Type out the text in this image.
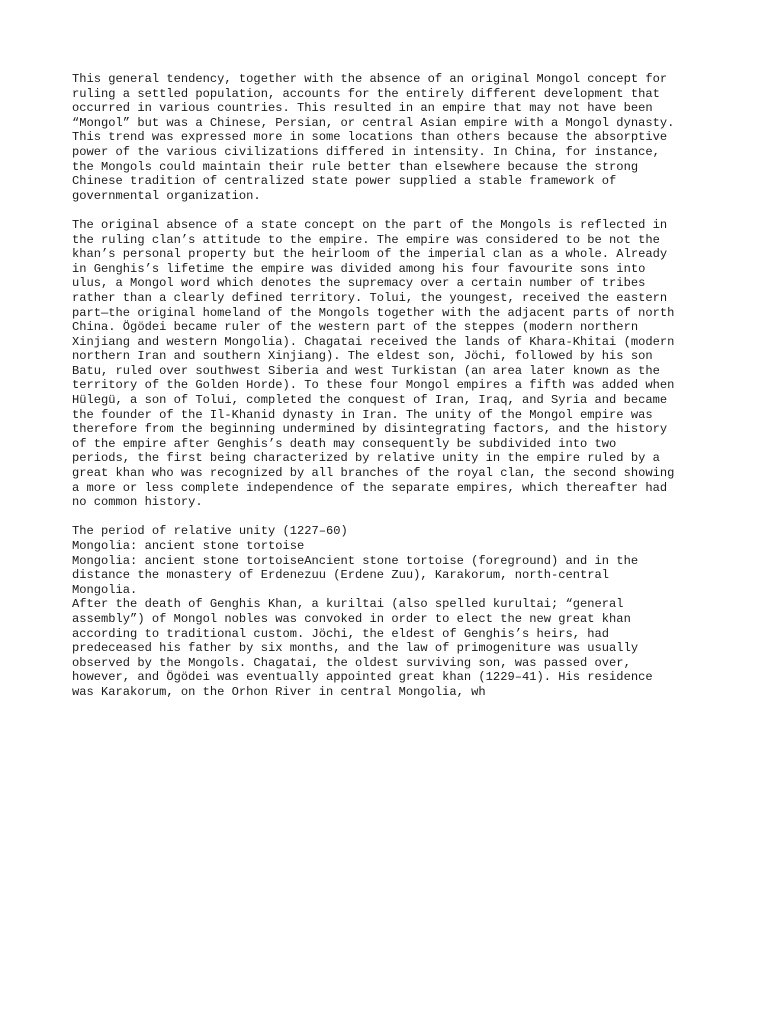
This general tendency, together with the absence of an original Mongol concept for
ruling a settled population, accounts for the entirely different development that
occurred in various countries. This resulted in an empire that may not have been
“Mongol” but was a Chinese, Persian, or central Asian empire with a Mongol dynasty.
This trend was expressed more in some locations than others because the absorptive
power of the various civilizations differed in intensity. In China, for instance,
the Mongols could maintain their rule better than elsewhere because the strong
Chinese tradition of centralized state power supplied a stable framework of
governmental organization.
The original absence of a state concept on the part of the Mongols is reflected in
the ruling clan’s attitude to the empire. The empire was considered to be not the
khan’s personal property but the heirloom of the imperial clan as a whole. Already
in Genghis’s lifetime the empire was divided among his four favourite sons into
ulus, a Mongol word which denotes the supremacy over a certain number of tribes
rather than a clearly defined territory. Tolui, the youngest, received the eastern
part—the original homeland of the Mongols together with the adjacent parts of north
China. Ögödei became ruler of the western part of the steppes (modern northern
Xinjiang and western Mongolia). Chagatai received the lands of Khara-Khitai (modern
northern Iran and southern Xinjiang). The eldest son, Jöchi, followed by his son
Batu, ruled over southwest Siberia and west Turkistan (an area later known as the
territory of the Golden Horde). To these four Mongol empires a fifth was added when
Hülegü, a son of Tolui, completed the conquest of Iran, Iraq, and Syria and became
the founder of the Il-Khanid dynasty in Iran. The unity of the Mongol empire was
therefore from the beginning undermined by disintegrating factors, and the history
of the empire after Genghis’s death may consequently be subdivided into two
periods, the first being characterized by relative unity in the empire ruled by a
great khan who was recognized by all branches of the royal clan, the second showing
a more or less complete independence of the separate empires, which thereafter had
no common history.
The period of relative unity (1227–60)
Mongolia: ancient stone tortoise
Mongolia: ancient stone tortoiseAncient stone tortoise (foreground) and in the
distance the monastery of Erdenezuu (Erdene Zuu), Karakorum, north-central
Mongolia.
After the death of Genghis Khan, a kuriltai (also spelled kurultai; “general
assembly”) of Mongol nobles was convoked in order to elect the new great khan
according to traditional custom. Jöchi, the eldest of Genghis’s heirs, had
predeceased his father by six months, and the law of primogeniture was usually
observed by the Mongols. Chagatai, the oldest surviving son, was passed over,
however, and Ögödei was eventually appointed great khan (1229–41). His residence
was Karakorum, on the Orhon River in central Mongolia, wh
